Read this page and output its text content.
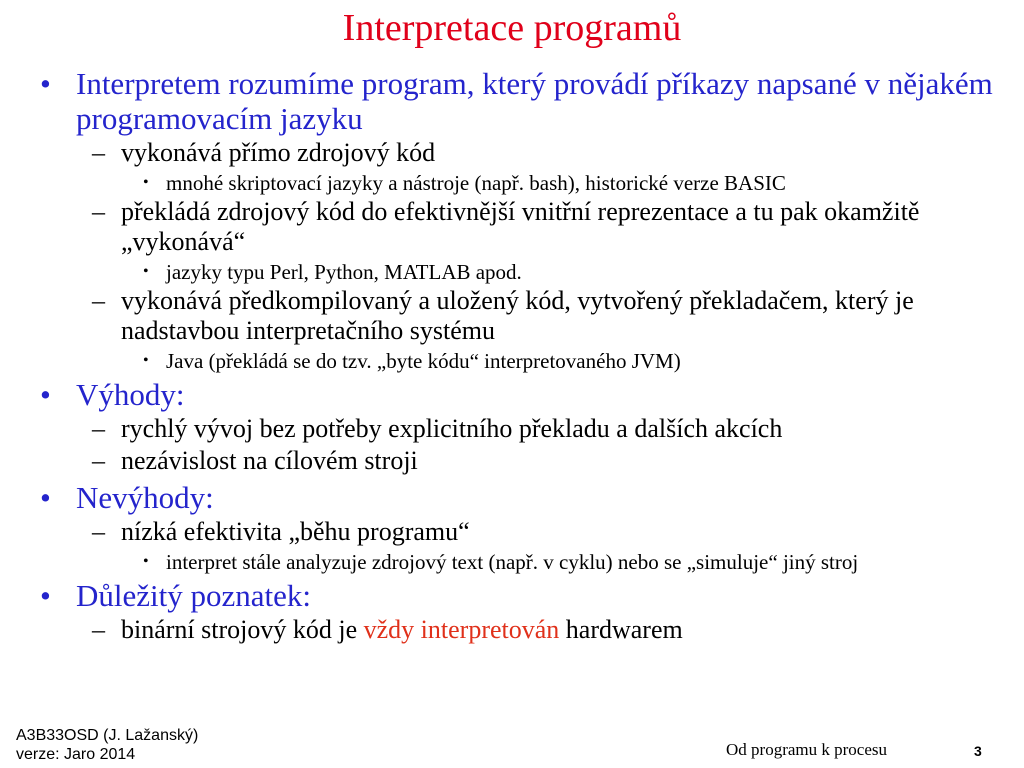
Interpretace programů
• Interpretem rozumíme program, který provádí příkazy napsané v nějakém programovacím jazyku
– vykonává přímo zdrojový kód
• mnohé skriptovací jazyky a nástroje (např. bash), historické verze BASIC
– překládá zdrojový kód do efektivnější vnitřní reprezentace a tu pak okamžitě „vykonává“
• jazyky typu Perl, Python, MATLAB apod.
– vykonává předkompilovaný a uložený kód, vytvořený překladačem, který je nadstavbou interpretačního systému
• Java (překládá se do tzv. „byte kódu“ interpretovaného JVM)
• Výhody:
– rychlý vývoj bez potřeby explicitního překladu a dalších akcích
– nezávislost na cílovém stroji
• Nevýhody:
– nízká efektivita „běhu programu“
• interpret stále analyzuje zdrojový text (např. v cyklu) nebo se „simuluje“ jiný stroj
• Důležitý poznatek:
– binární strojový kód je vždy interpretován hardwarem
A3B33OSD (J. Lažanský)
verze: Jaro 2014	Od programu k procesu	3
